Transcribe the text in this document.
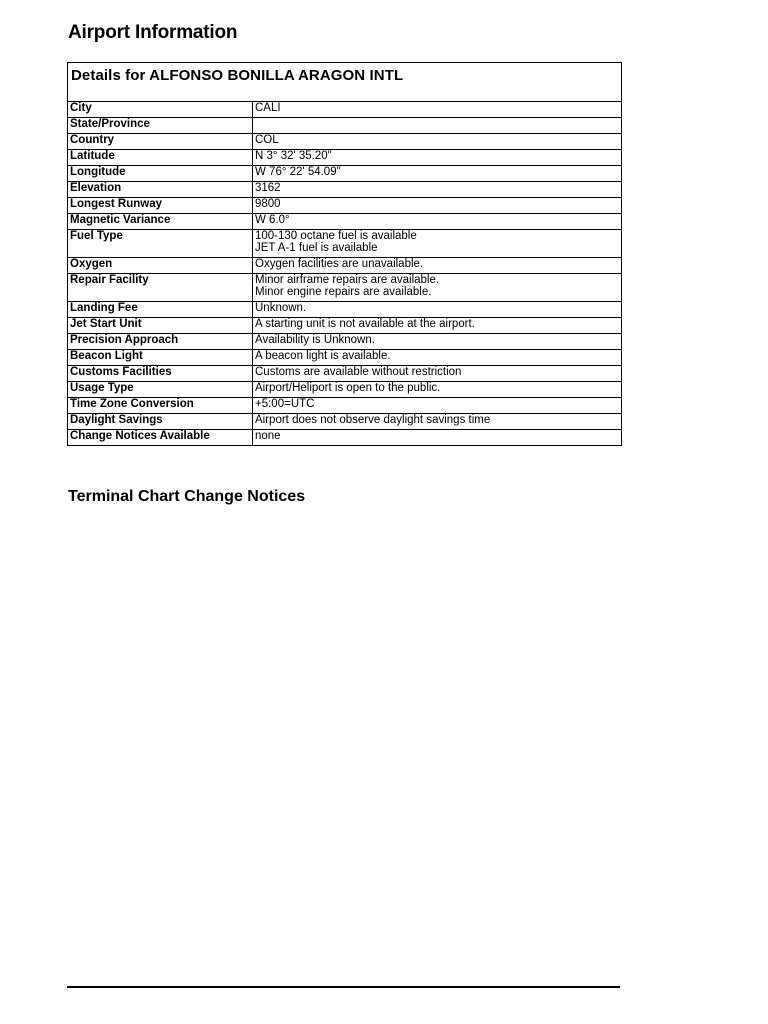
Airport Information
Details for ALFONSO BONILLA ARAGON INTL
City	CALI

State/Province	

Country	COL

Latitude	N 3° 32' 35.20"

Longitude	W 76° 22' 54.09"

Elevation	3162

Longest Runway	9800

Magnetic Variance	W 6.0°

Fuel Type	100-130 octane fuel is available
JET A-1 fuel is available

Oxygen	Oxygen facilities are unavailable.

Repair Facility	Minor airframe repairs are available.
Minor engine repairs are available.

Landing Fee	Unknown.

Jet Start Unit	A starting unit is not available at the airport.

Precision Approach	Availability is Unknown.

Beacon Light	A beacon light is available.

Customs Facilities	Customs are available without restriction

Usage Type	Airport/Heliport is open to the public.

Time Zone Conversion	+5:00=UTC

Daylight Savings	Airport does not observe daylight savings time

Change Notices Available	none
Terminal Chart Change Notices
